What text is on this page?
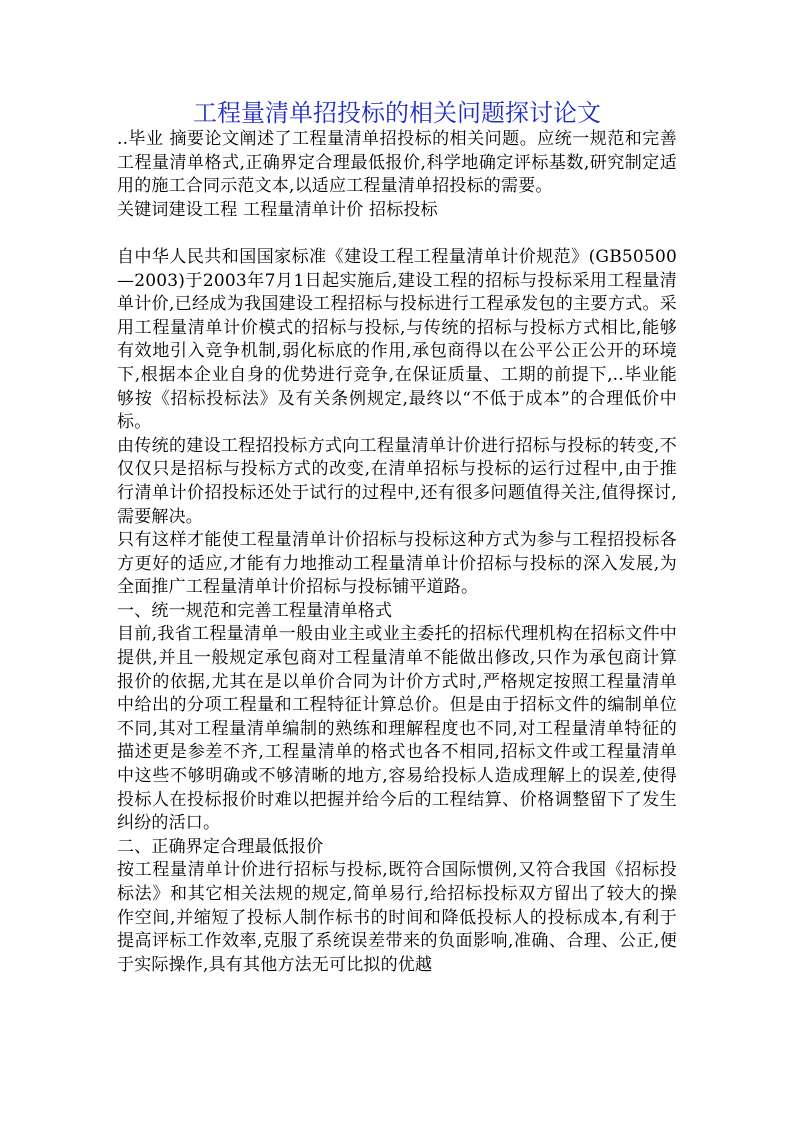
工程量清单招投标的相关问题探讨论文

..毕业 摘要论文阐述了工程量清单招投标的相关问题。应统一规范和完善工程量清单格式,正确界定合理最低报价,科学地确定评标基数,研究制定适用的施工合同示范文本,以适应工程量清单招投标的需要。

关键词建设工程 工程量清单计价 招标投标

自中华人民共和国国家标准《建设工程工程量清单计价规范》(GB50500—2003)于2003年7月1日起实施后,建设工程的招标与投标采用工程量清单计价,已经成为我国建设工程招标与投标进行工程承发包的主要方式。采用工程量清单计价模式的招标与投标,与传统的招标与投标方式相比,能够有效地引入竞争机制,弱化标底的作用,承包商得以在公平公正公开的环境下,根据本企业自身的优势进行竞争,在保证质量、工期的前提下,..毕业能够按《招标投标法》及有关条例规定,最终以“不低于成本”的合理低价中标。

由传统的建设工程招投标方式向工程量清单计价进行招标与投标的转变,不仅仅只是招标与投标方式的改变,在清单招标与投标的运行过程中,由于推行清单计价招投标还处于试行的过程中,还有很多问题值得关注,值得探讨,需要解决。

只有这样才能使工程量清单计价招标与投标这种方式为参与工程招投标各方更好的适应,才能有力地推动工程量清单计价招标与投标的深入发展,为全面推广工程量清单计价招标与投标铺平道路。

一、统一规范和完善工程量清单格式

目前,我省工程量清单一般由业主或业主委托的招标代理机构在招标文件中提供,并且一般规定承包商对工程量清单不能做出修改,只作为承包商计算报价的依据,尤其在是以单价合同为计价方式时,严格规定按照工程量清单中给出的分项工程量和工程特征计算总价。但是由于招标文件的编制单位不同,其对工程量清单编制的熟练和理解程度也不同,对工程量清单特征的描述更是参差不齐,工程量清单的格式也各不相同,招标文件或工程量清单中这些不够明确或不够清晰的地方,容易给投标人造成理解上的误差,使得投标人在投标报价时难以把握并给今后的工程结算、价格调整留下了发生纠纷的活口。

二、正确界定合理最低报价

按工程量清单计价进行招标与投标,既符合国际惯例,又符合我国《招标投标法》和其它相关法规的规定,简单易行,给招标投标双方留出了较大的操作空间,并缩短了投标人制作标书的时间和降低投标人的投标成本,有利于提高评标工作效率,克服了系统误差带来的负面影响,准确、合理、公正,便于实际操作,具有其他方法无可比拟的优越
